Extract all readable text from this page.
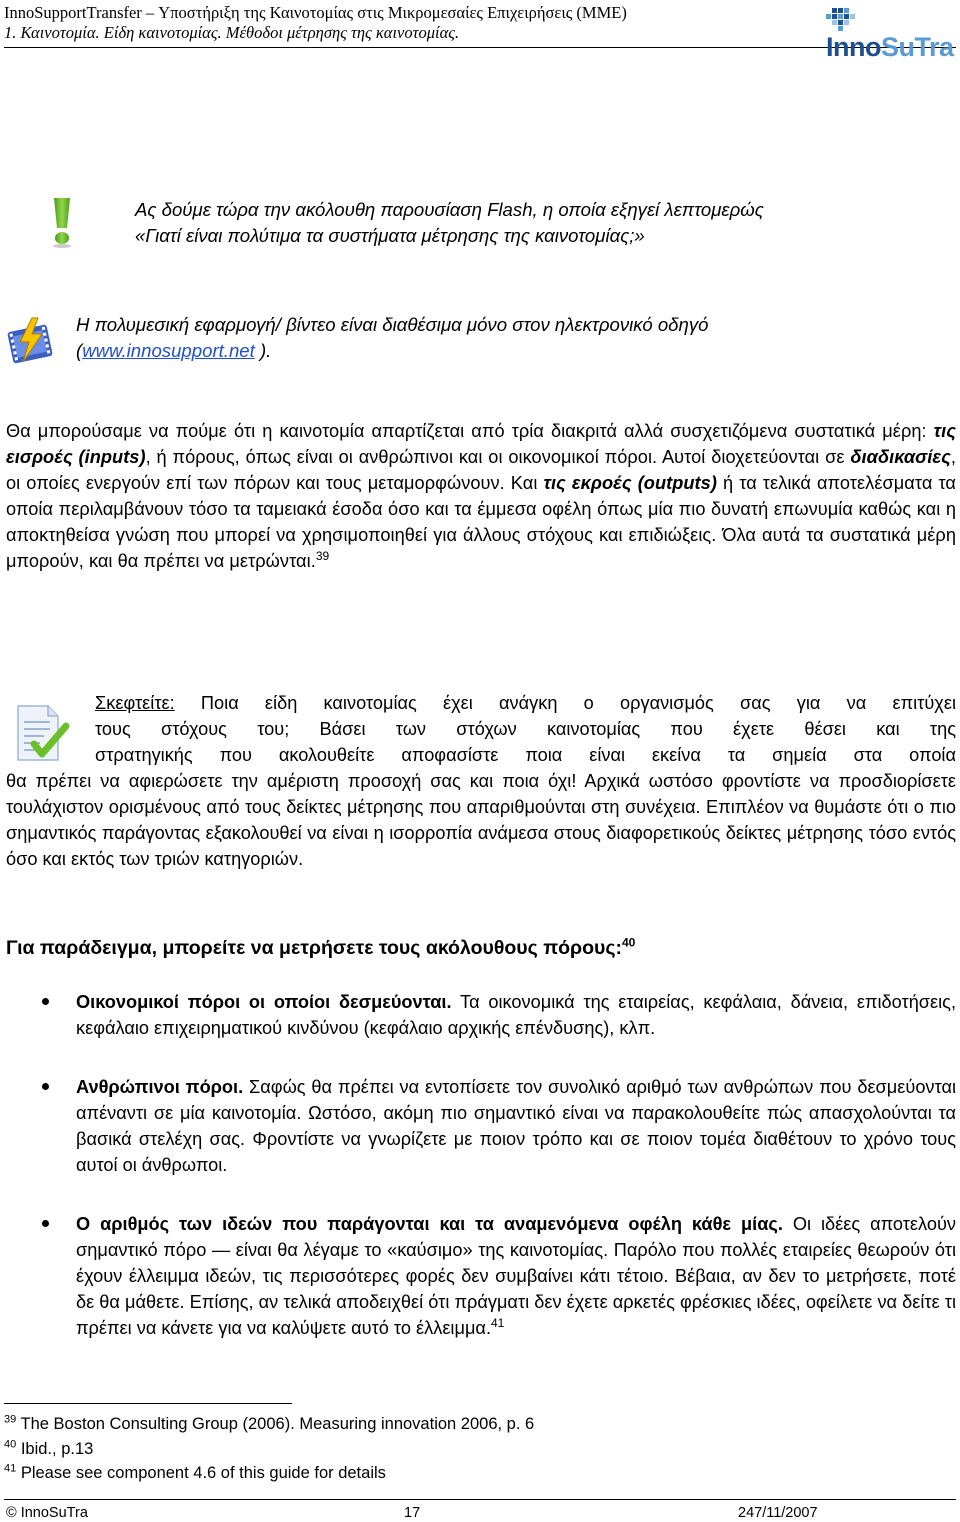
InnoSupportTransfer – Υποστήριξη της Καινοτομίας στις Μικρομεσαίες Επιχειρήσεις (ΜΜΕ)
1. Καινοτομία. Είδη καινοτομίας. Μέθοδοι μέτρησης της καινοτομίας.	InnoSuTra
Ας δούμε τώρα την ακόλουθη παρουσίαση Flash, η οποία εξηγεί λεπτομερώς
«Γιατί είναι πολύτιμα τα συστήματα μέτρησης της καινοτομίας;»
Η πολυμεσική εφαρμογή/ βίντεο είναι διαθέσιμα μόνο στον ηλεκτρονικό οδηγό
(www.innosupport.net ).
Θα μπορούσαμε να πούμε ότι η καινοτομία απαρτίζεται από τρία διακριτά αλλά συσχετιζόμενα συστατικά μέρη: τις εισροές (inputs), ή πόρους, όπως είναι οι ανθρώπινοι και οι οικονομικοί πόροι. Αυτοί διοχετεύονται σε διαδικασίες, οι οποίες ενεργούν επί των πόρων και τους μεταμορφώνουν. Και τις εκροές (outputs) ή τα τελικά αποτελέσματα τα οποία περιλαμβάνουν τόσο τα ταμειακά έσοδα όσο και τα έμμεσα οφέλη όπως μία πιο δυνατή επωνυμία καθώς και η αποκτηθείσα γνώση που μπορεί να χρησιμοποιηθεί για άλλους στόχους και επιδιώξεις. Όλα αυτά τα συστατικά μέρη μπορούν, και θα πρέπει να μετρώνται.$^{39}$
Σκεφτείτε: Ποια είδη καινοτομίας έχει ανάγκη ο οργανισμός σας για να επιτύχει
τους στόχους του; Βάσει των στόχων καινοτομίας που έχετε θέσει και της
στρατηγικής που ακολουθείτε αποφασίστε ποια είναι εκείνα τα σημεία στα οποία
θα πρέπει να αφιερώσετε την αμέριστη προσοχή σας και ποια όχι! Αρχικά ωστόσο φροντίστε να προσδιορίσετε τουλάχιστον ορισμένους από τους δείκτες μέτρησης που απαριθμούνται στη συνέχεια. Επιπλέον να θυμάστε ότι ο πιο σημαντικός παράγοντας εξακολουθεί να είναι η ισορροπία ανάμεσα στους διαφορετικούς δείκτες μέτρησης τόσο εντός όσο και εκτός των τριών κατηγοριών.
Για παράδειγμα, μπορείτε να μετρήσετε τους ακόλουθους πόρους:$^{40}$
Οικονομικοί πόροι οι οποίοι δεσμεύονται. Τα οικονομικά της εταιρείας, κεφάλαια, δάνεια, επιδοτήσεις, κεφάλαιο επιχειρηματικού κινδύνου (κεφάλαιο αρχικής επένδυσης), κλπ.
Ανθρώπινοι πόροι. Σαφώς θα πρέπει να εντοπίσετε τον συνολικό αριθμό των ανθρώπων που δεσμεύονται απέναντι σε μία καινοτομία. Ωστόσο, ακόμη πιο σημαντικό είναι να παρακολουθείτε πώς απασχολούνται τα βασικά στελέχη σας. Φροντίστε να γνωρίζετε με ποιον τρόπο και σε ποιον τομέα διαθέτουν το χρόνο τους αυτοί οι άνθρωποι.
Ο αριθμός των ιδεών που παράγονται και τα αναμενόμενα οφέλη κάθε μίας. Οι ιδέες αποτελούν σημαντικό πόρο — είναι θα λέγαμε το «καύσιμο» της καινοτομίας. Παρόλο που πολλές εταιρείες θεωρούν ότι έχουν έλλειμμα ιδεών, τις περισσότερες φορές δεν συμβαίνει κάτι τέτοιο. Βέβαια, αν δεν το μετρήσετε, ποτέ δε θα μάθετε. Επίσης, αν τελικά αποδειχθεί ότι πράγματι δεν έχετε αρκετές φρέσκιες ιδέες, οφείλετε να δείτε τι πρέπει να κάνετε για να καλύψετε αυτό το έλλειμμα.$^{41}$
$^{39}$ The Boston Consulting Group (2006). Measuring innovation 2006, p. 6
$^{40}$ Ibid., p.13
$^{41}$ Please see component 4.6 of this guide for details
© InnoSuTra	17	247/11/2007
